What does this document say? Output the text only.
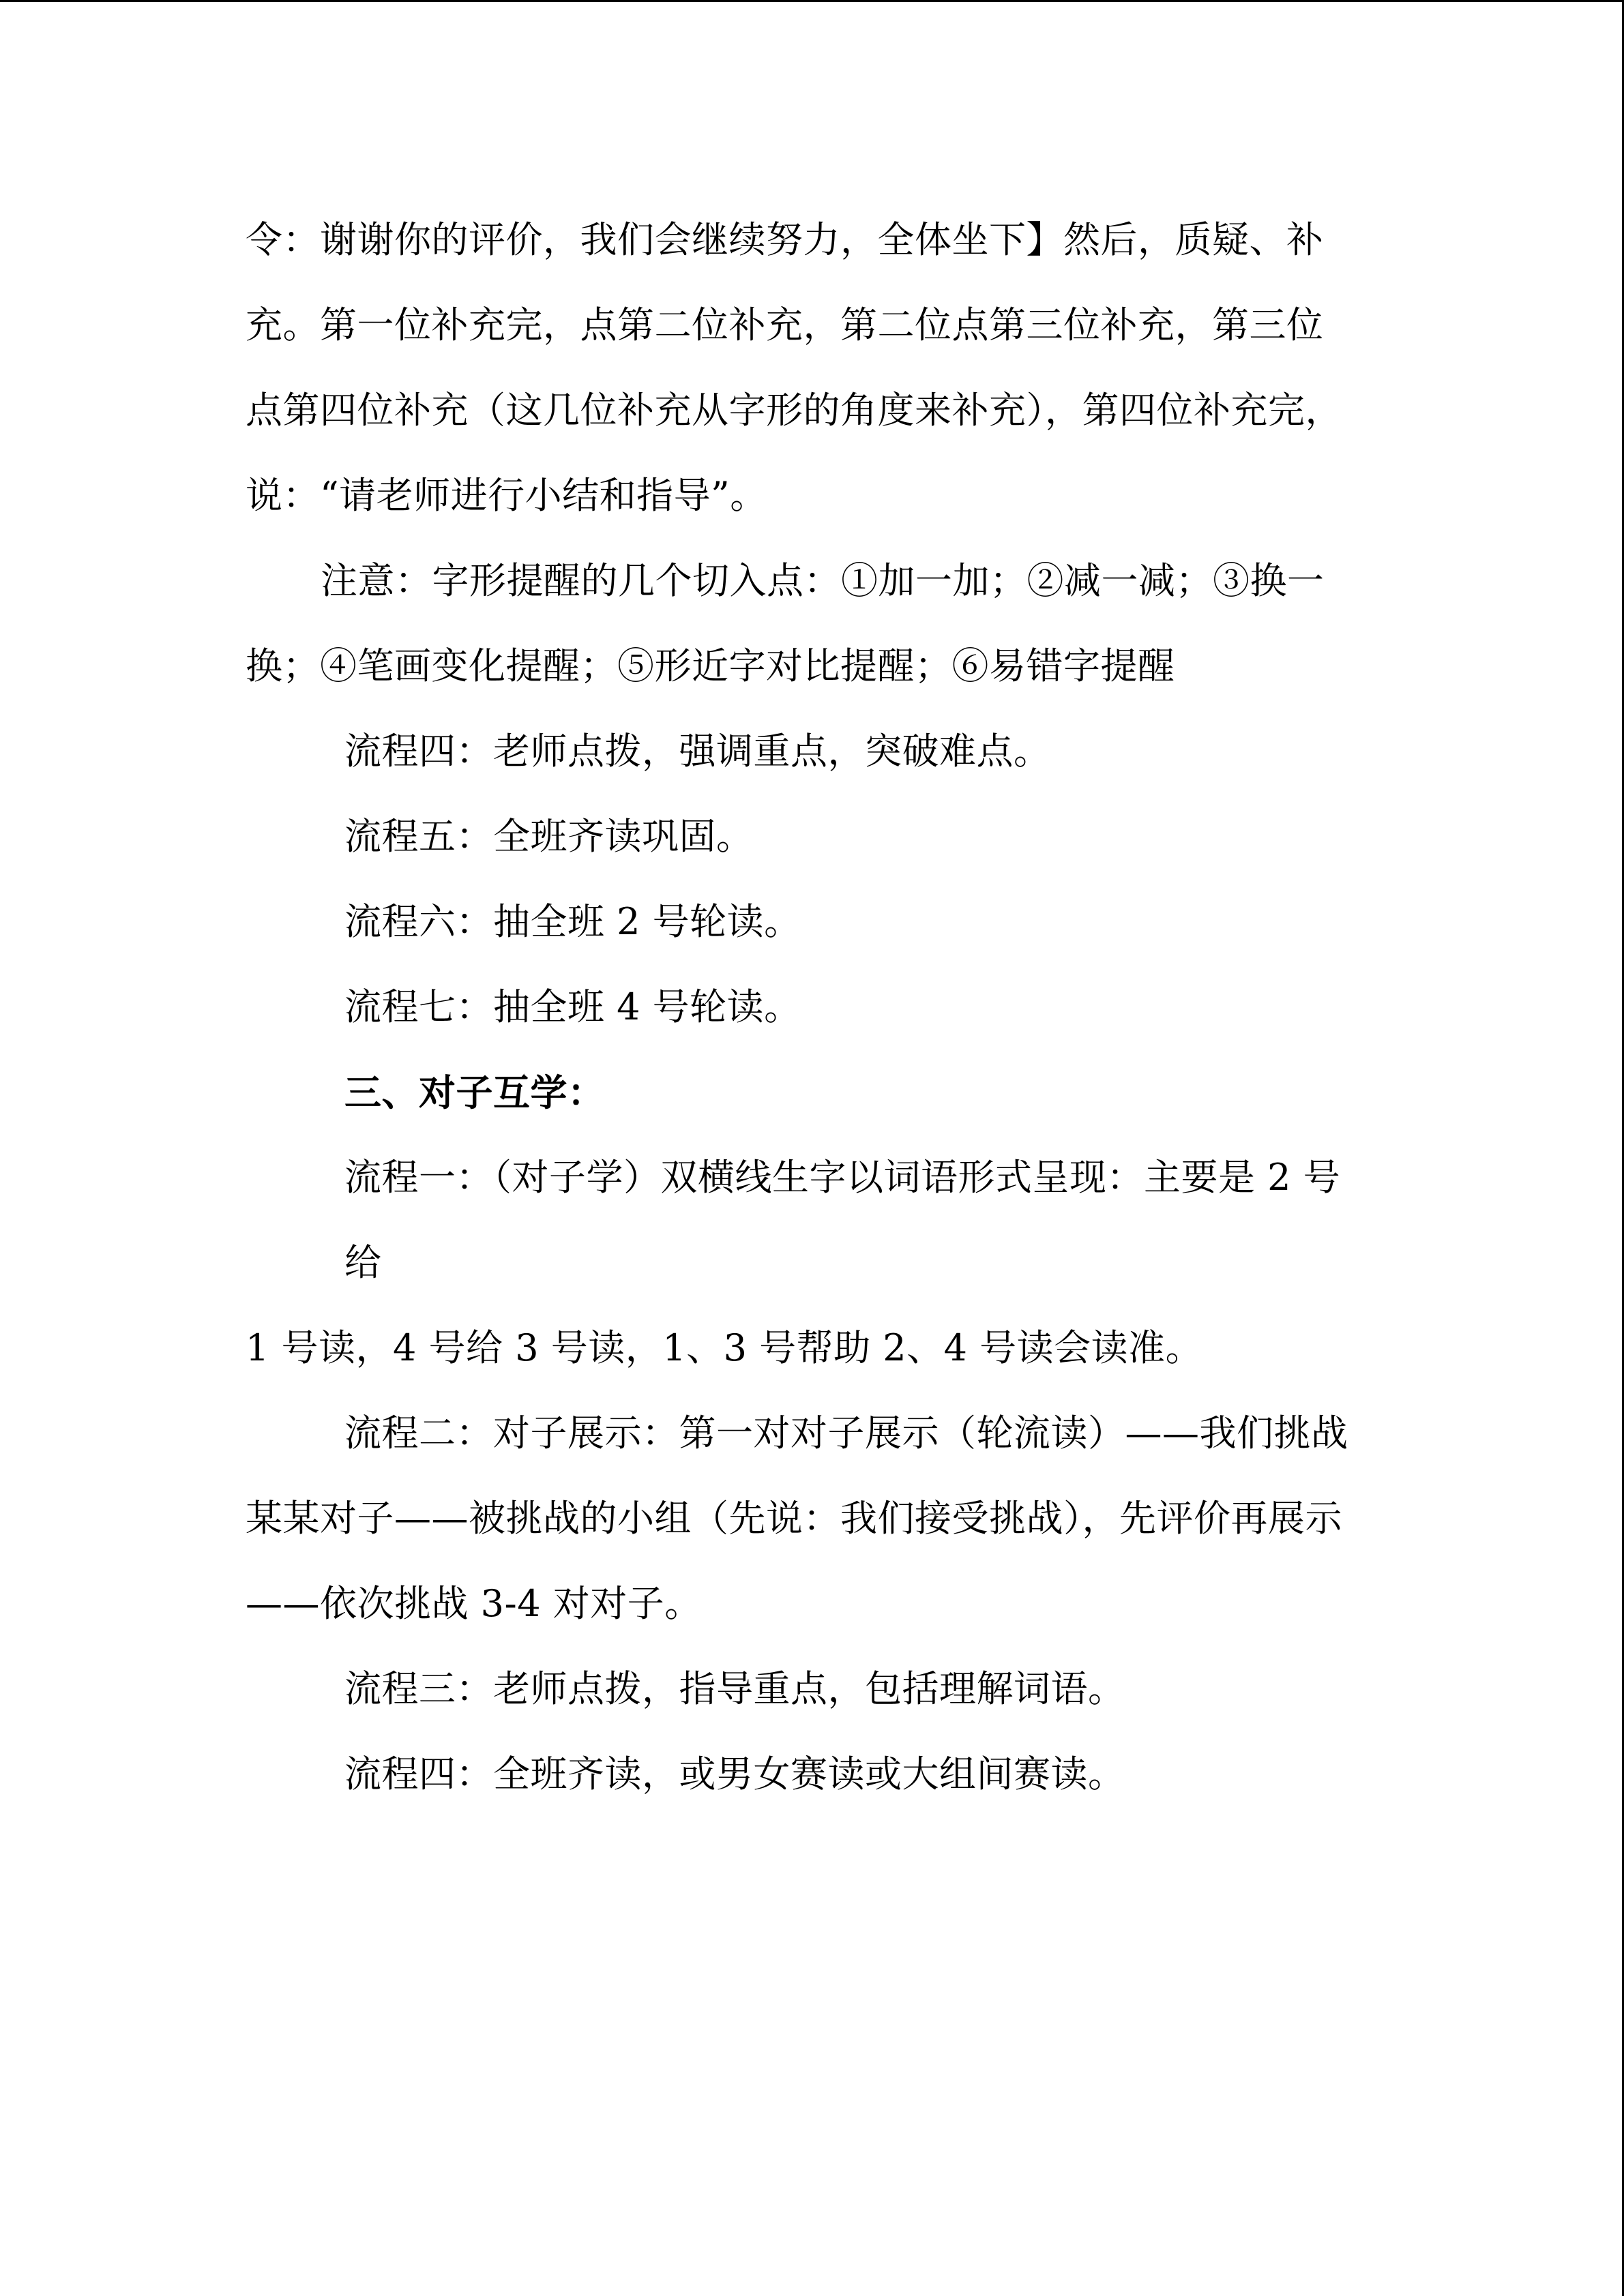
令：谢谢你的评价，我们会继续努力，全体坐下】然后，质疑、补
充。第一位补充完，点第二位补充，第二位点第三位补充，第三位
点第四位补充（这几位补充从字形的角度来补充），第四位补充完，
说：“请老师进行小结和指导”。
注意：字形提醒的几个切入点：①加一加；②减一减；③换一
换；④笔画变化提醒；⑤形近字对比提醒；⑥易错字提醒
流程四：老师点拨，强调重点，突破难点。
流程五：全班齐读巩固。
流程六：抽全班 2 号轮读。
流程七：抽全班 4 号轮读。
三、对子互学：
流程一：（对子学）双横线生字以词语形式呈现：主要是 2 号
给
1 号读，4 号给 3 号读，1、3 号帮助 2、4 号读会读准。
流程二：对子展示：第一对对子展示（轮流读）——我们挑战
某某对子——被挑战的小组（先说：我们接受挑战），先评价再展示
——依次挑战 3-4 对对子。
流程三：老师点拨，指导重点，包括理解词语。
流程四：全班齐读，或男女赛读或大组间赛读。
